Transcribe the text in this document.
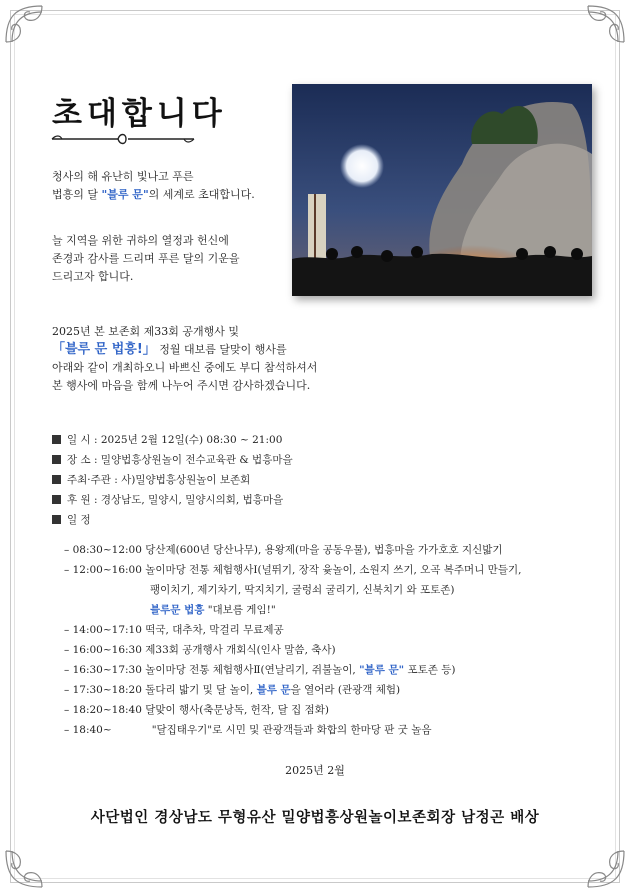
초대합니다
청사의 해 유난히 빛나고 푸른
법흥의 달 "블루 문"의 세계로 초대합니다.
늘 지역을 위한 귀하의 열정과 헌신에
존경과 감사를 드리며 푸른 달의 기운을
드리고자 합니다.
2025년 본 보존회 제33회 공개행사 및
「블루 문 법흥!」 정월 대보름 달맞이 행사를
아래와 같이 개최하오니 바쁘신 중에도 부디 참석하셔서
본 행사에 마음을 함께 나누어 주시면 감사하겠습니다.
일 시 : 2025년 2월 12일(수) 08:30 ~ 21:00
장 소 : 밀양법흥상원놀이 전수교육관 & 법흥마을
주최·주관 : 사)밀양법흥상원놀이 보존회
후 원 : 경상남도, 밀양시, 밀양시의회, 법흥마을
일 정
– 08:30~12:00 당산제(600년 당산나무), 용왕제(마을 공동우물), 법흥마을 가가호호 지신밟기
– 12:00~16:00 놀이마당 전통 체험행사Ⅰ(널뛰기, 장작 윷놀이, 소원지 쓰기, 오곡 복주머니 만들기,
팽이치기, 제기차기, 딱지치기, 굴렁쇠 굴리기, 신북치기 와 포토존)
블루문 법흥 "대보름 게임!"
– 14:00~17:10 떡국, 대추차, 막걸리 무료제공
– 16:00~16:30 제33회 공개행사 개회식(인사 말씀, 축사)
– 16:30~17:30 놀이마당 전통 체험행사Ⅱ(연날리기, 쥐불놀이, "블루 문" 포토존 등)
– 17:30~18:20 돌다리 밟기 및 달 놀이, 블루 문을 열어라 (관광객 체험)
– 18:20~18:40 달맞이 행사(축문낭독, 헌작, 달 집 점화)
– 18:40~            "달집태우기"로 시민 및 관광객들과 화합의 한마당 판 굿 놀음
2025년 2월
사단법인 경상남도 무형유산 밀양법흥상원놀이보존회장 남정곤 배상
